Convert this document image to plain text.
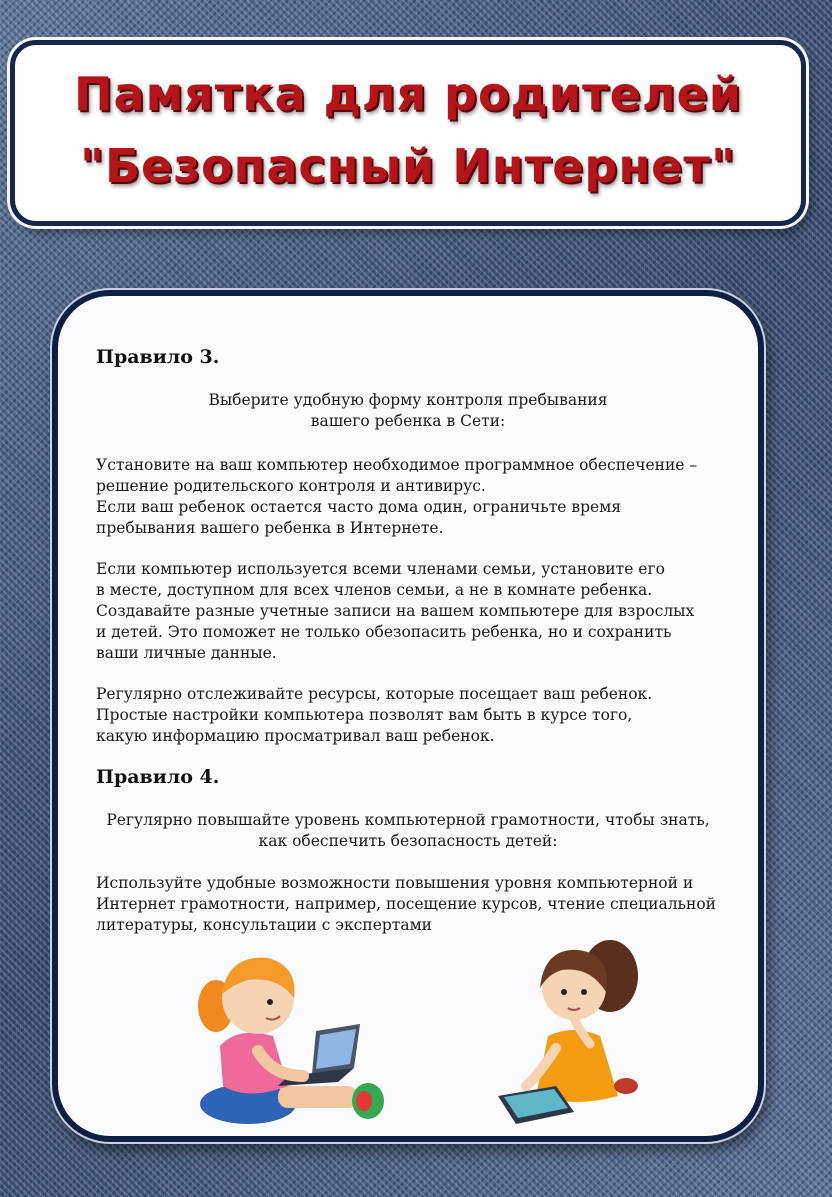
Памятка для родителей
"Безопасный Интернет"
Правило 3.

Выберите удобную форму контроля пребывания

вашего ребенка в Сети:

Установите на ваш компьютер необходимое программное обеспечение –

решение родительского контроля и антивирус.

Если ваш ребенок остается часто дома один, ограничьте время

пребывания вашего ребенка в Интернете.

Если компьютер используется всеми членами семьи, установите его

в месте, доступном для всех членов семьи, а не в комнате ребенка.

Создавайте разные учетные записи на вашем компьютере для взрослых

и детей. Это поможет не только обезопасить ребенка, но и сохранить

ваши личные данные.

Регулярно отслеживайте ресурсы, которые посещает ваш ребенок.

Простые настройки компьютера позволят вам быть в курсе того,

какую информацию просматривал ваш ребенок.

Правило 4.

Регулярно повышайте уровень компьютерной грамотности, чтобы знать,

как обеспечить безопасность детей:

Используйте удобные возможности повышения уровня компьютерной и

Интернет грамотности, например, посещение курсов, чтение специальной

литературы, консультации с экспертами
